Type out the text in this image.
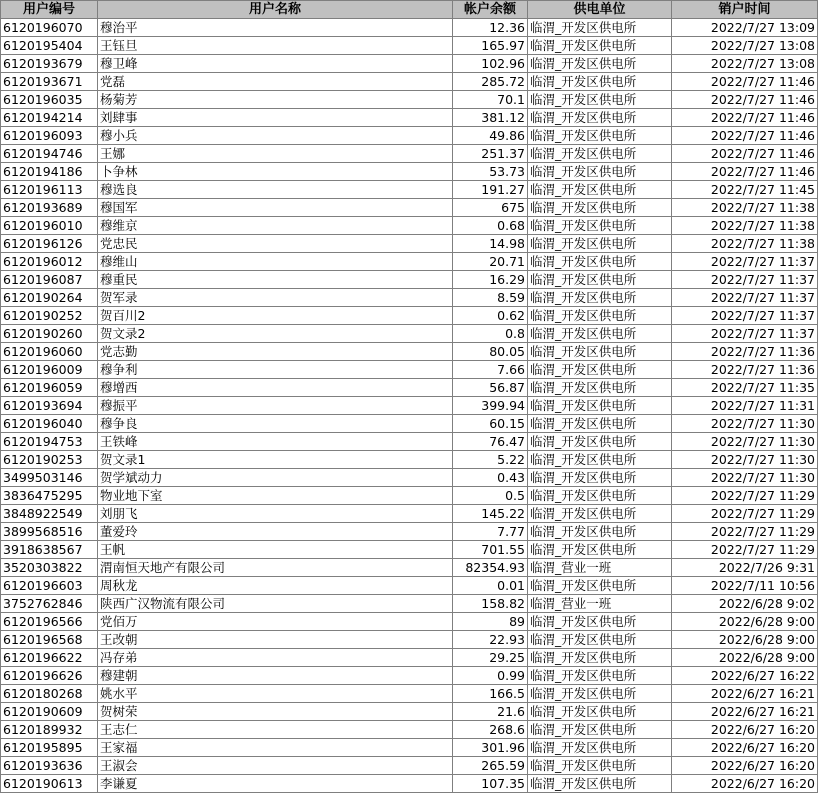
用户编号	用户名称	帐户余额	供电单位	销户时间
6120196070	穆治平	12.36	临渭_开发区供电所	2022/7/27 13:09
6120195404	王钰旦	165.97	临渭_开发区供电所	2022/7/27 13:08
6120193679	穆卫峰	102.96	临渭_开发区供电所	2022/7/27 13:08
6120193671	党磊	285.72	临渭_开发区供电所	2022/7/27 11:46
6120196035	杨菊芳	70.1	临渭_开发区供电所	2022/7/27 11:46
6120194214	刘肆事	381.12	临渭_开发区供电所	2022/7/27 11:46
6120196093	穆小兵	49.86	临渭_开发区供电所	2022/7/27 11:46
6120194746	王娜	251.37	临渭_开发区供电所	2022/7/27 11:46
6120194186	卜争林	53.73	临渭_开发区供电所	2022/7/27 11:46
6120196113	穆选良	191.27	临渭_开发区供电所	2022/7/27 11:45
6120193689	穆国军	675	临渭_开发区供电所	2022/7/27 11:38
6120196010	穆维京	0.68	临渭_开发区供电所	2022/7/27 11:38
6120196126	党忠民	14.98	临渭_开发区供电所	2022/7/27 11:38
6120196012	穆维山	20.71	临渭_开发区供电所	2022/7/27 11:37
6120196087	穆重民	16.29	临渭_开发区供电所	2022/7/27 11:37
6120190264	贺军录	8.59	临渭_开发区供电所	2022/7/27 11:37
6120190252	贺百川2	0.62	临渭_开发区供电所	2022/7/27 11:37
6120190260	贺文录2	0.8	临渭_开发区供电所	2022/7/27 11:37
6120196060	党志勤	80.05	临渭_开发区供电所	2022/7/27 11:36
6120196009	穆争利	7.66	临渭_开发区供电所	2022/7/27 11:36
6120196059	穆增西	56.87	临渭_开发区供电所	2022/7/27 11:35
6120193694	穆振平	399.94	临渭_开发区供电所	2022/7/27 11:31
6120196040	穆争良	60.15	临渭_开发区供电所	2022/7/27 11:30
6120194753	王铁峰	76.47	临渭_开发区供电所	2022/7/27 11:30
6120190253	贺文录1	5.22	临渭_开发区供电所	2022/7/27 11:30
3499503146	贺学斌动力	0.43	临渭_开发区供电所	2022/7/27 11:30
3836475295	物业地下室	0.5	临渭_开发区供电所	2022/7/27 11:29
3848922549	刘朋飞	145.22	临渭_开发区供电所	2022/7/27 11:29
3899568516	董爱玲	7.77	临渭_开发区供电所	2022/7/27 11:29
3918638567	王帆	701.55	临渭_开发区供电所	2022/7/27 11:29
3520303822	渭南恒天地产有限公司	82354.93	临渭_营业一班	2022/7/26 9:31
6120196603	周秋龙	0.01	临渭_开发区供电所	2022/7/11 10:56
3752762846	陕西广汉物流有限公司	158.82	临渭_营业一班	2022/6/28 9:02
6120196566	党佰万	89	临渭_开发区供电所	2022/6/28 9:00
6120196568	王改朝	22.93	临渭_开发区供电所	2022/6/28 9:00
6120196622	冯存弟	29.25	临渭_开发区供电所	2022/6/28 9:00
6120196626	穆建朝	0.99	临渭_开发区供电所	2022/6/27 16:22
6120180268	姚水平	166.5	临渭_开发区供电所	2022/6/27 16:21
6120190609	贺树荣	21.6	临渭_开发区供电所	2022/6/27 16:21
6120189932	王志仁	268.6	临渭_开发区供电所	2022/6/27 16:20
6120195895	王家福	301.96	临渭_开发区供电所	2022/6/27 16:20
6120193636	王淑会	265.59	临渭_开发区供电所	2022/6/27 16:20
6120190613	李谦夏	107.35	临渭_开发区供电所	2022/6/27 16:20
